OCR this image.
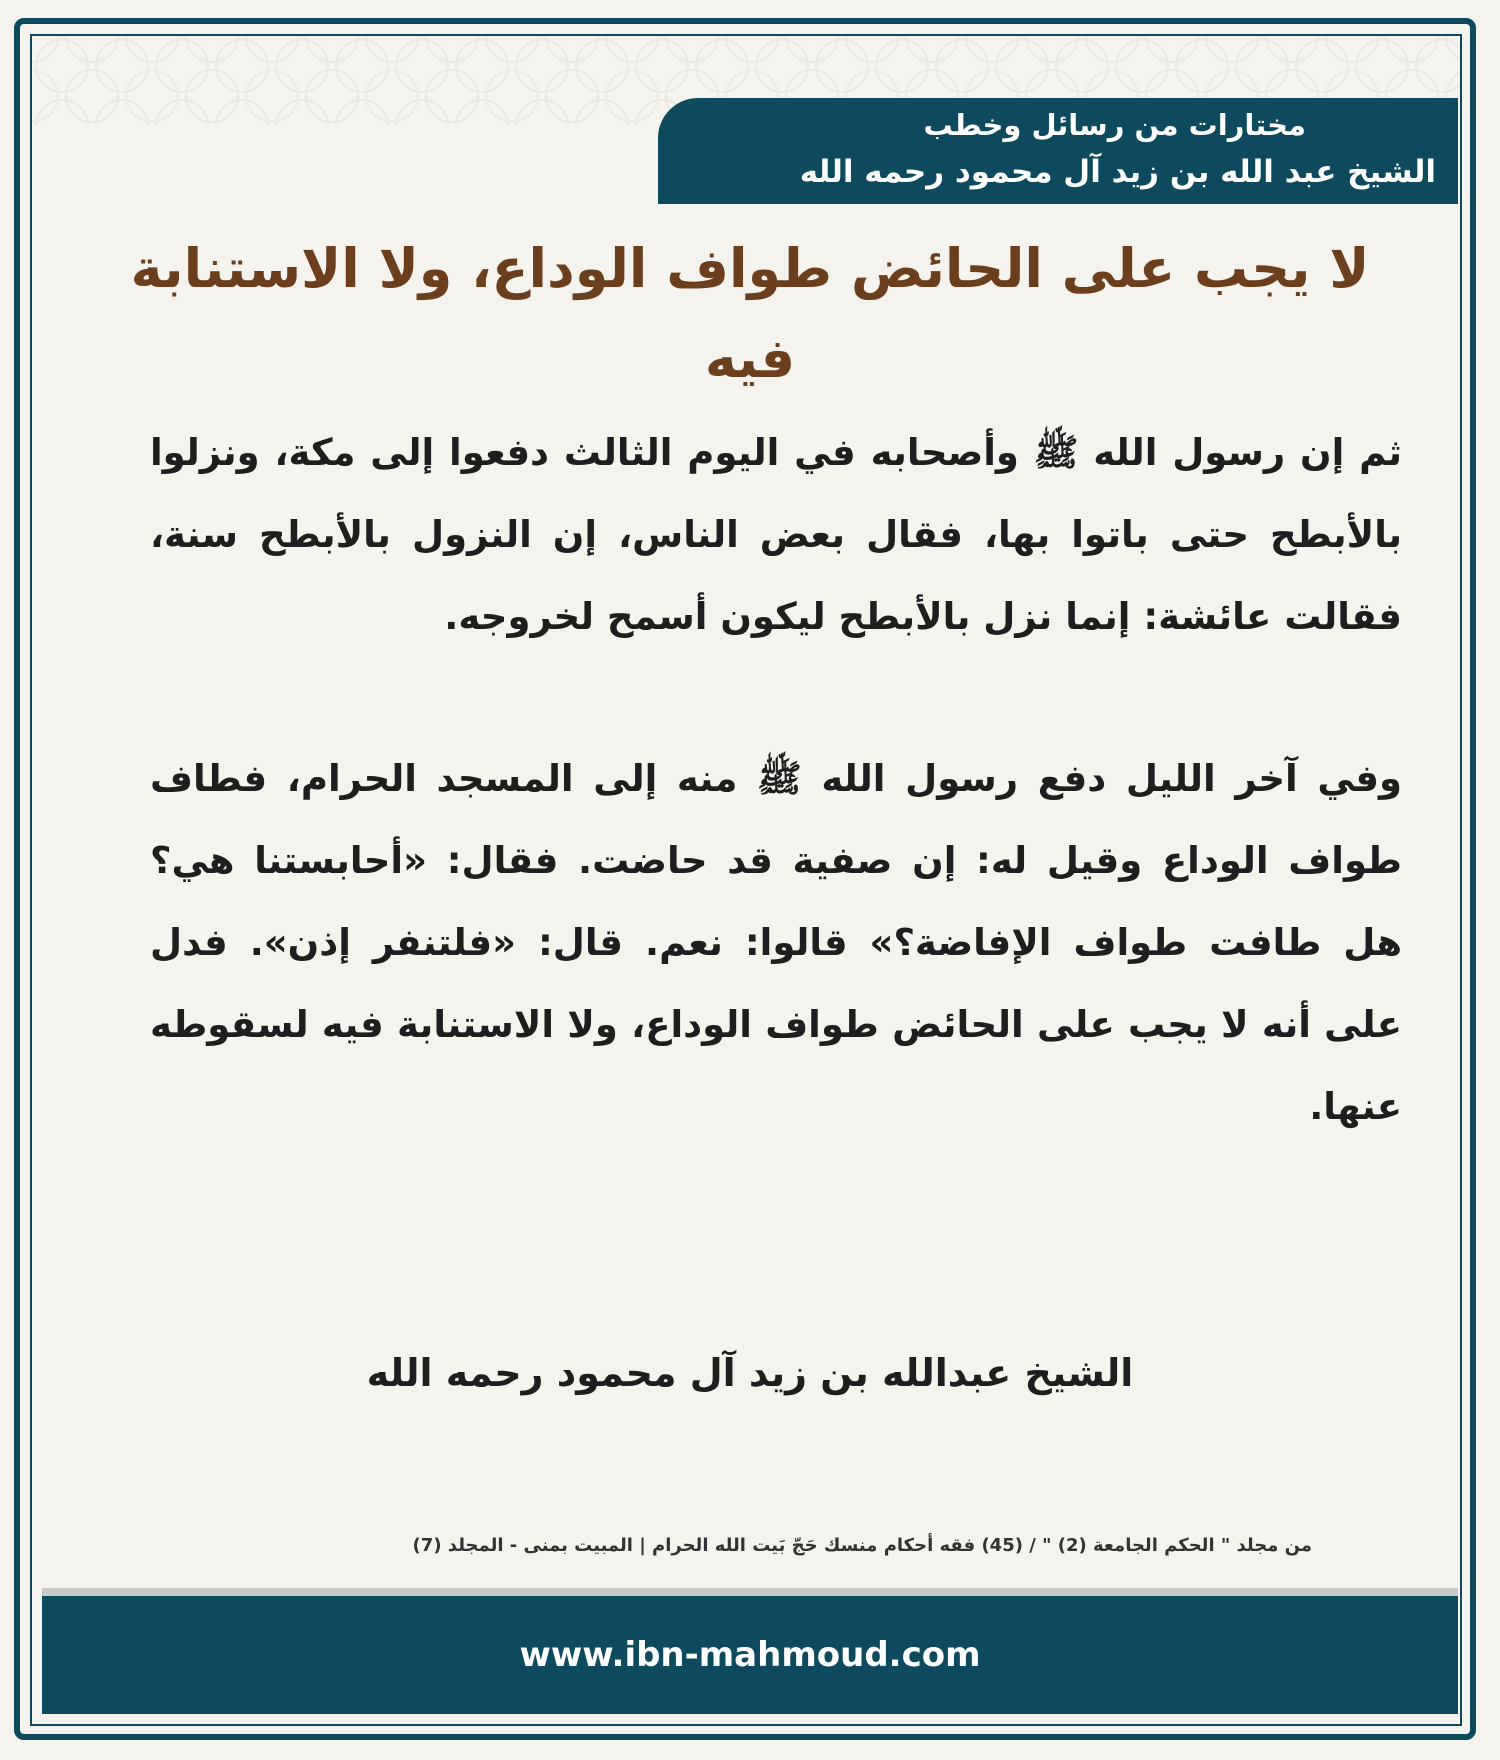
مختارات من رسائل وخطب
الشيخ عبد الله بن زيد آل محمود رحمه الله
لا يجب على الحائض طواف الوداع، ولا الاستنابة فيه

ثم إن رسول الله ﷺ وأصحابه في اليوم الثالث دفعوا إلى مكة، ونزلوا بالأبطح حتى باتوا بها، فقال بعض الناس، إن النزول بالأبطح سنة، فقالت عائشة: إنما نزل بالأبطح ليكون أسمح لخروجه.

وفي آخر الليل دفع رسول الله ﷺ منه إلى المسجد الحرام، فطاف طواف الوداع وقيل له: إن صفية قد حاضت. فقال: «أحابستنا هي؟ هل طافت طواف الإفاضة؟» قالوا: نعم. قال: «فلتنفر إذن». فدل على أنه لا يجب على الحائض طواف الوداع، ولا الاستنابة فيه لسقوطه عنها.

الشيخ عبدالله بن زيد آل محمود رحمه الله
من مجلد " الحكم الجامعة (2) " / (45) فقه أحكام منسك حَجّ بَيت الله الحرام | المبيت بمنى - المجلد (7)
www.ibn-mahmoud.com
